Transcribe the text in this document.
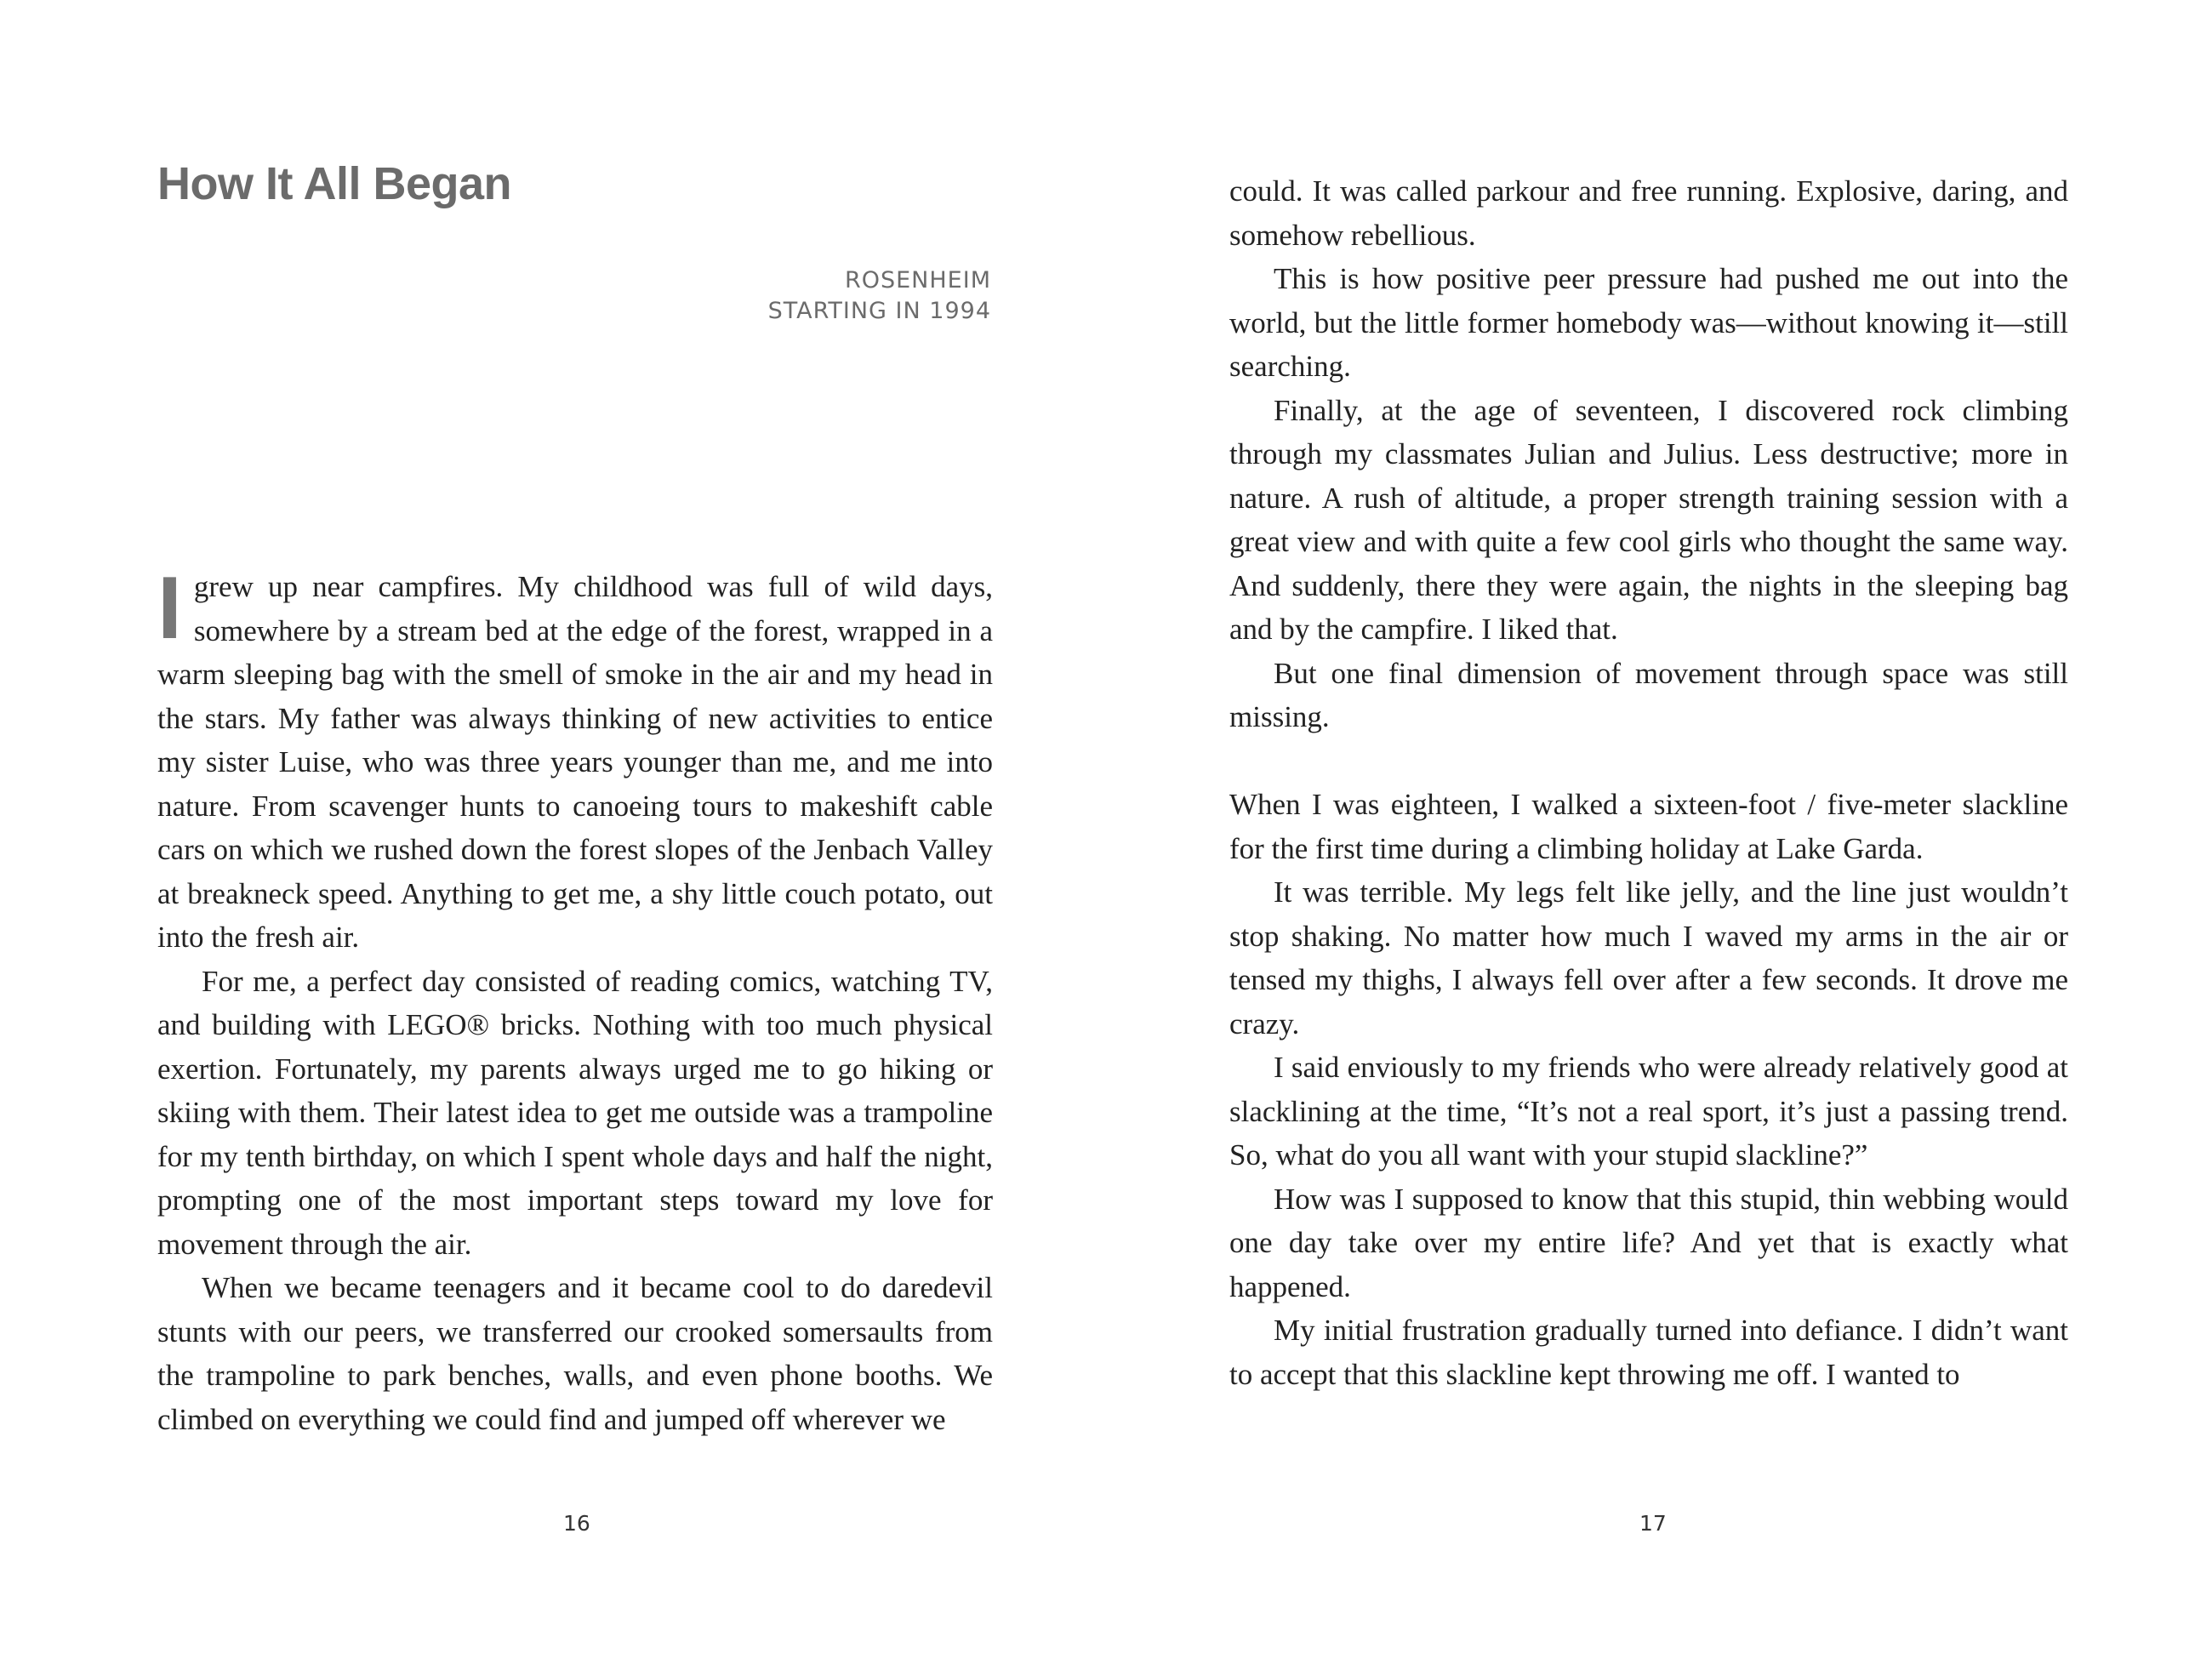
How It All Began
ROSENHEIM
STARTING IN 1994

Igrew up near campfires. My childhood was full of wild days, somewhere by a stream bed at the edge of the forest, wrapped in a warm sleeping bag with the smell of smoke in the air and my head in the stars. My father was always thinking of new activities to entice my sister Luise, who was three years younger than me, and me into nature. From scavenger hunts to canoeing tours to makeshift cable cars on which we rushed down the forest slopes of the Jenbach Valley at breakneck speed. Anything to get me, a shy little couch potato, out into the fresh air.

For me, a perfect day consisted of reading comics, watching TV, and building with LEGO® bricks. Nothing with too much physical exertion. Fortunately, my parents always urged me to go hiking or skiing with them. Their latest idea to get me outside was a trampoline for my tenth birthday, on which I spent whole days and half the night, prompting one of the most important steps toward my love for movement through the air.

When we became teenagers and it became cool to do daredevil stunts with our peers, we transferred our crooked somersaults from the trampoline to park benches, walls, and even phone booths. We climbed on everything we could find and jumped off wherever we

16

could. It was called parkour and free running. Explosive, daring, and somehow rebellious.

This is how positive peer pressure had pushed me out into the world, but the little former homebody was—without knowing it—still searching.

Finally, at the age of seventeen, I discovered rock climbing through my classmates Julian and Julius. Less destructive; more in nature. A rush of altitude, a proper strength training session with a great view and with quite a few cool girls who thought the same way. And suddenly, there they were again, the nights in the sleeping bag and by the campfire. I liked that.

But one final dimension of movement through space was still missing.

When I was eighteen, I walked a sixteen-foot / five-meter slackline for the first time during a climbing holiday at Lake Garda.

It was terrible. My legs felt like jelly, and the line just wouldn’t stop shaking. No matter how much I waved my arms in the air or tensed my thighs, I always fell over after a few seconds. It drove me crazy.

I said enviously to my friends who were already relatively good at slacklining at the time, “It’s not a real sport, it’s just a passing trend. So, what do you all want with your stupid slackline?”

How was I supposed to know that this stupid, thin webbing would one day take over my entire life? And yet that is exactly what happened.

My initial frustration gradually turned into defiance. I didn’t want to accept that this slackline kept throwing me off. I wanted to

17
